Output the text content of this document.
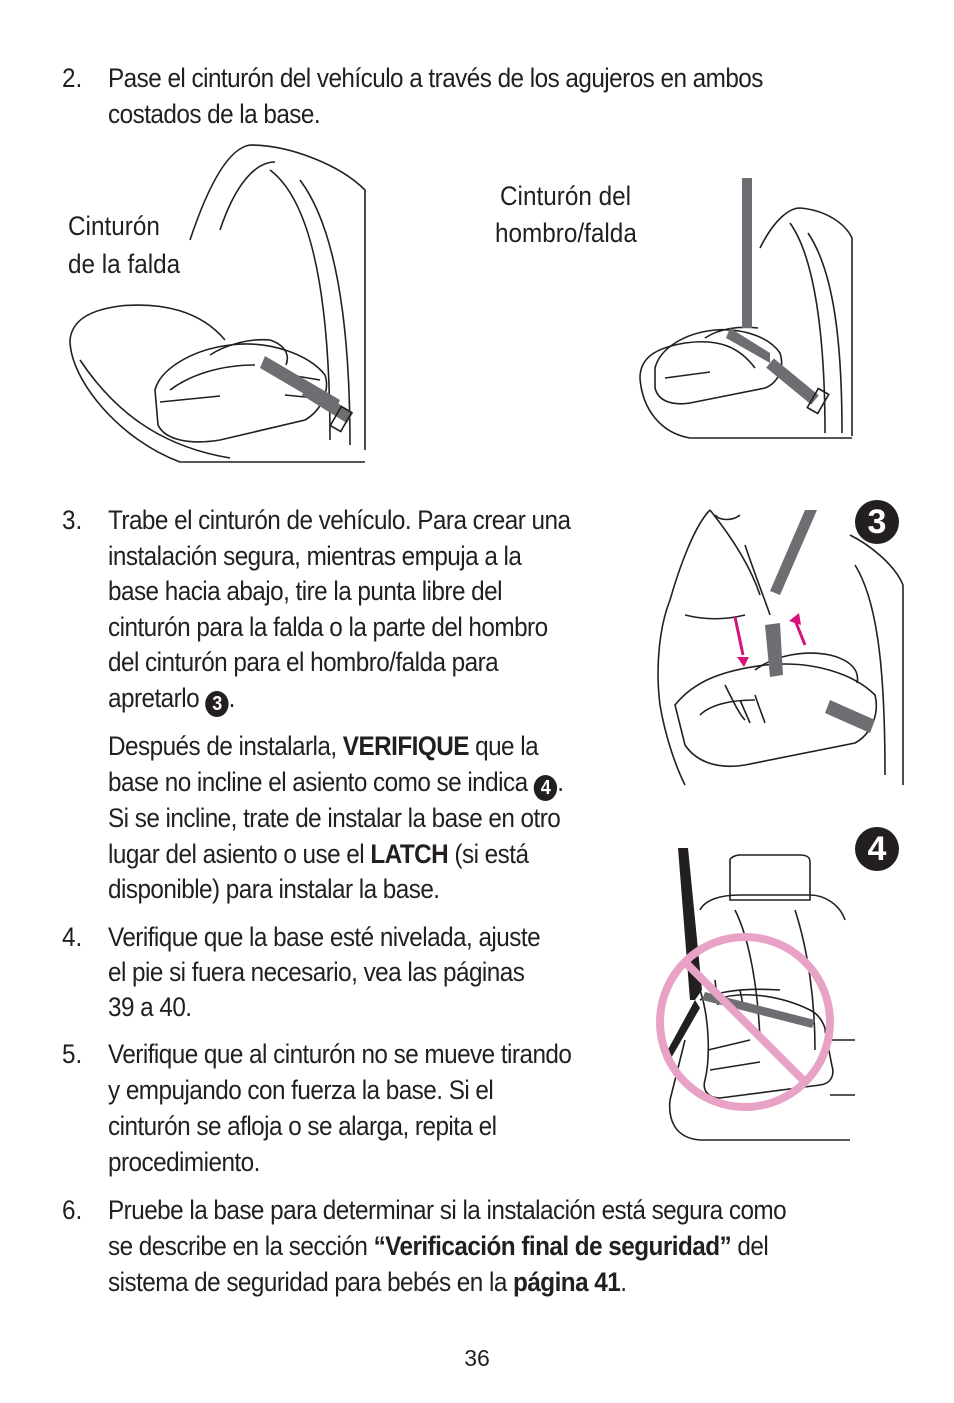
2. Pase el cinturón del vehículo a través de los agujeros en ambos
costados de la base.
Cinturón
de la falda
Cinturón del
hombro/falda
3. Trabe el cinturón de vehículo. Para crear una
instalación segura, mientras empuja a la
base hacia abajo, tire la punta libre del
cinturón para la falda o la parte del hombro
del cinturón para el hombro/falda para
apretarlo 3 .
Después de instalarla, VERIFIQUE que la
base no incline el asiento como se indica 4 .
Si se incline, trate de instalar la base en otro
lugar del asiento o use el LATCH (si está
disponible) para instalar la base.
3
4. Verifique que la base esté nivelada, ajuste
el pie si fuera necesario, vea las páginas
39 a 40.
4
5. Verifique que al cinturón no se mueve tirando
y empujando con fuerza la base. Si el
cinturón se afloja o se alarga, repita el
procedimiento.
6. Pruebe la base para determinar si la instalación está segura como
se describe en la sección “Verificación final de seguridad” del
sistema de seguridad para bebés en la página 41.
36
